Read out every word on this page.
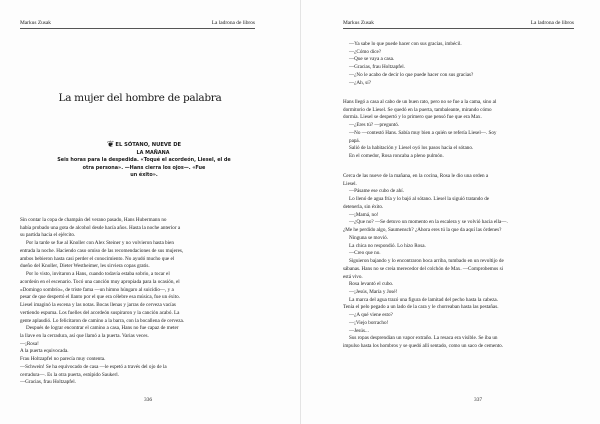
Markus Zusak	La ladrona de libros
La mujer del hombre de palabra
❦EL SÓTANO, NUEVE DE
LA MAÑANA
Seis horas para la despedida. «Toqué el acordeón, Liesel, el de
otra persona». —Hans cierra los ojos—. «Fue
un éxito».
Sin contar la copa de champán del verano pasado, Hans Hubermann no
había probado una gota de alcohol desde hacía años. Hasta la noche anterior a
su partida hacia el ejército.
Por la tarde se fue al Knoller con Alex Steiner y no volvieron hasta bien
entrada la noche. Haciendo caso omiso de las recomendaciones de sus mujeres,
ambos bebieron hasta casi perder el conocimiento. No ayudó mucho que el
dueño del Knoller, Dieter Westheimer, les sirviera copas gratis.
Por lo visto, invitaron a Hans, cuando todavía estaba sobrio, a tocar el
acordeón en el escenario. Tocó una canción muy apropiada para la ocasión, el
«Domingo sombrío», de triste fama —un himno húngaro al suicidio—, y a
pesar de que despertó el llanto por el que era célebre esa música, fue un éxito.
Liesel imaginó la escena y las notas. Bocas llenas y jarras de cerveza vacías
vertiendo espuma. Los fuelles del acordeón suspiraron y la canción acabó. La
gente aplaudió. Lo felicitaron de camino a la barra, con la bocallena de cerveza.
Después de lograr encontrar el camino a casa, Hans no fue capaz de meter
la llave en la cerradura, así que llamó a la puerta. Varias veces.
—¡Rosa!
A la puerta equivocada.
Frau Holtzapfel no parecía muy contenta.
—Schwein! Se ha equivocado de casa —le espetó a través del ojo de la
cerradura—. Es la otra puerta, estúpido Saukerl.
—Gracias, frau Holtzapfel.
336
Markus Zusak	La ladrona de libros
—Ya sabe lo que puede hacer con sus gracias, imbécil.
—¿Cómo dice?
—Que se vaya a casa.
—Gracias, frau Holtzapfel.
—¿No le acabo de decir lo que puede hacer con sus gracias?
—¿Ah, sí?
Hans llegó a casa al cabo de un buen rato, pero no se fue a la cama, sino al
dormitorio de Liesel. Se quedó en la puerta, tambaleante, mirando cómo
dormía. Liesel se despertó y lo primero que pensó fue que era Max.
—¿Eres tú? —preguntó.
—No —contestó Hans. Sabía muy bien a quién se refería Liesel—. Soy
papá.
Salió de la habitación y Liesel oyó los pasos hacia el sótano.
En el comedor, Rosa roncaba a pleno pulmón.
Cerca de las nueve de la mañana, en la cocina, Rosa le dio una orden a
Liesel.
—Pásame ese cubo de ahí.
Lo llenó de agua fría y lo bajó al sótano. Liesel la siguió tratando de
detenerla, sin éxito.
—¡Mamá, no!
—¿Que no? —Se detuvo un momento en la escalera y se volvió hacia ella—.
¿Me he perdido algo, Saumensch? ¿Ahora eres tú la que da aquí las órdenes?
Ninguna se movió.
La chica no respondió. Lo hizo Rosa.
—Creo que no.
Siguieron bajando y lo encontraron boca arriba, tumbado en un revoltijo de
sábanas. Hans no se creía merecedor del colchón de Max. —Comprobemos si
está vivo.
Rosa levantó el cubo.
—¡Jesús, María y José!
La marca del agua trazó una figura de lamitad del pecho hasta la cabeza.
Tenía el pelo pegado a un lado de la cara y le chorreaban hasta las pestañas.
—¿A qué viene esto?
—¡Viejo borracho!
—Jesús...
Sus ropas desprendían un vapor extraño. La resaca era visible. Se iba un
impulso hasta los hombros y se quedó allí sentado, como un saco de cemento.
337
